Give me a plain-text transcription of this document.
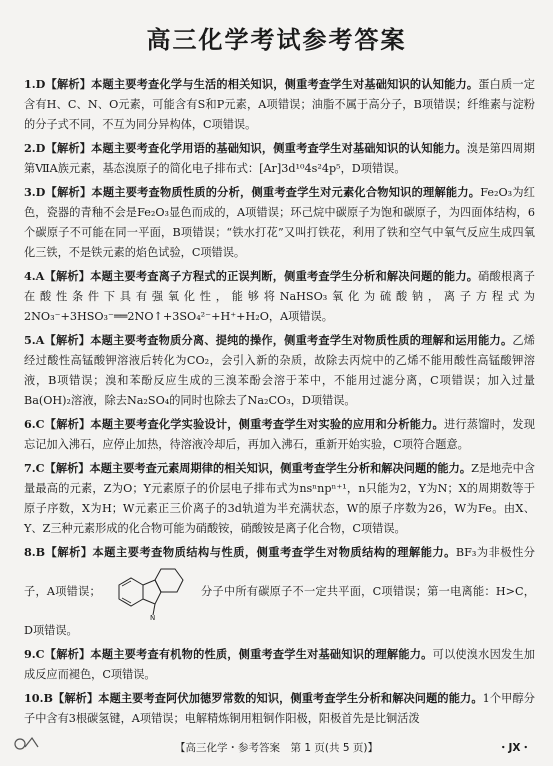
高三化学考试参考答案

1.D【解析】本题主要考查化学与生活的相关知识，侧重考查学生对基础知识的认知能力。蛋白质一定含有H、C、N、O元素，可能含有S和P元素，A项错误；油脂不属于高分子，B项错误；纤维素与淀粉的分子式不同，不互为同分异构体，C项错误。

2.D【解析】本题主要考查化学用语的基础知识，侧重考查学生对基础知识的认知能力。溴是第四周期第ⅦA族元素，基态溴原子的简化电子排布式：[Ar]3d¹⁰4s²4p⁵，D项错误。

3.D【解析】本题主要考查物质性质的分析，侧重考查学生对元素化合物知识的理解能力。Fe₂O₃为红色，瓷器的青釉不会是Fe₂O₃显色而成的，A项错误；环己烷中碳原子为饱和碳原子，为四面体结构，6个碳原子不可能在同一平面，B项错误；“铁水打花”又叫打铁花，利用了铁和空气中氧气反应生成四氧化三铁，不是铁元素的焰色试验，C项错误。

4.A【解析】本题主要考查离子方程式的正误判断，侧重考查学生分析和解决问题的能力。硝酸根离子在酸性条件下具有强氧化性，能够将NaHSO₃氧化为硫酸钠，离子方程式为2NO₃⁻+3HSO₃⁻══2NO↑+3SO₄²⁻+H⁺+H₂O，A项错误。

5.A【解析】本题主要考查物质分离、提纯的操作，侧重考查学生对物质性质的理解和运用能力。乙烯经过酸性高锰酸钾溶液后转化为CO₂，会引入新的杂质，故除去丙烷中的乙烯不能用酸性高锰酸钾溶液，B项错误；溴和苯酚反应生成的三溴苯酚会溶于苯中，不能用过滤分离，C项错误；加入过量Ba(OH)₂溶液，除去Na₂SO₄的同时也除去了Na₂CO₃，D项错误。

6.C【解析】本题主要考查化学实验设计，侧重考查学生对实验的应用和分析能力。进行蒸馏时，发现忘记加入沸石，应停止加热，待溶液冷却后，再加入沸石，重新开始实验，C项符合题意。

7.C【解析】本题主要考查元素周期律的相关知识，侧重考查学生分析和解决问题的能力。Z是地壳中含量最高的元素，Z为O；Y元素原子的价层电子排布式为nsⁿnpⁿ⁺¹，n只能为2，Y为N；X的周期数等于原子序数，X为H；W元素正三价离子的3d轨道为半充满状态，W的原子序数为26，W为Fe。由X、Y、Z三种元素形成的化合物可能为硝酸铵，硝酸铵是离子化合物，C项错误。

8.B【解析】本题主要考查物质结构与性质，侧重考查学生对物质结构的理解能力。BF₃为非极性分子，A项错误；
N
分子中所有碳原子不一定共平面，C项错误；第一电离能：H>C，D项错误。

9.C【解析】本题主要考查有机物的性质，侧重考查学生对基础知识的理解能力。可以使溴水因发生加成反应而褪色，C项错误。

10.B【解析】本题主要考查阿伏加德罗常数的知识，侧重考查学生分析和解决问题的能力。1个甲醇分子中含有3根碳氢键，A项错误；电解精炼铜用粗铜作阳极，阳极首先是比铜活泼

【高三化学・参考答案　第 1 页(共 5 页)】	・JX・
